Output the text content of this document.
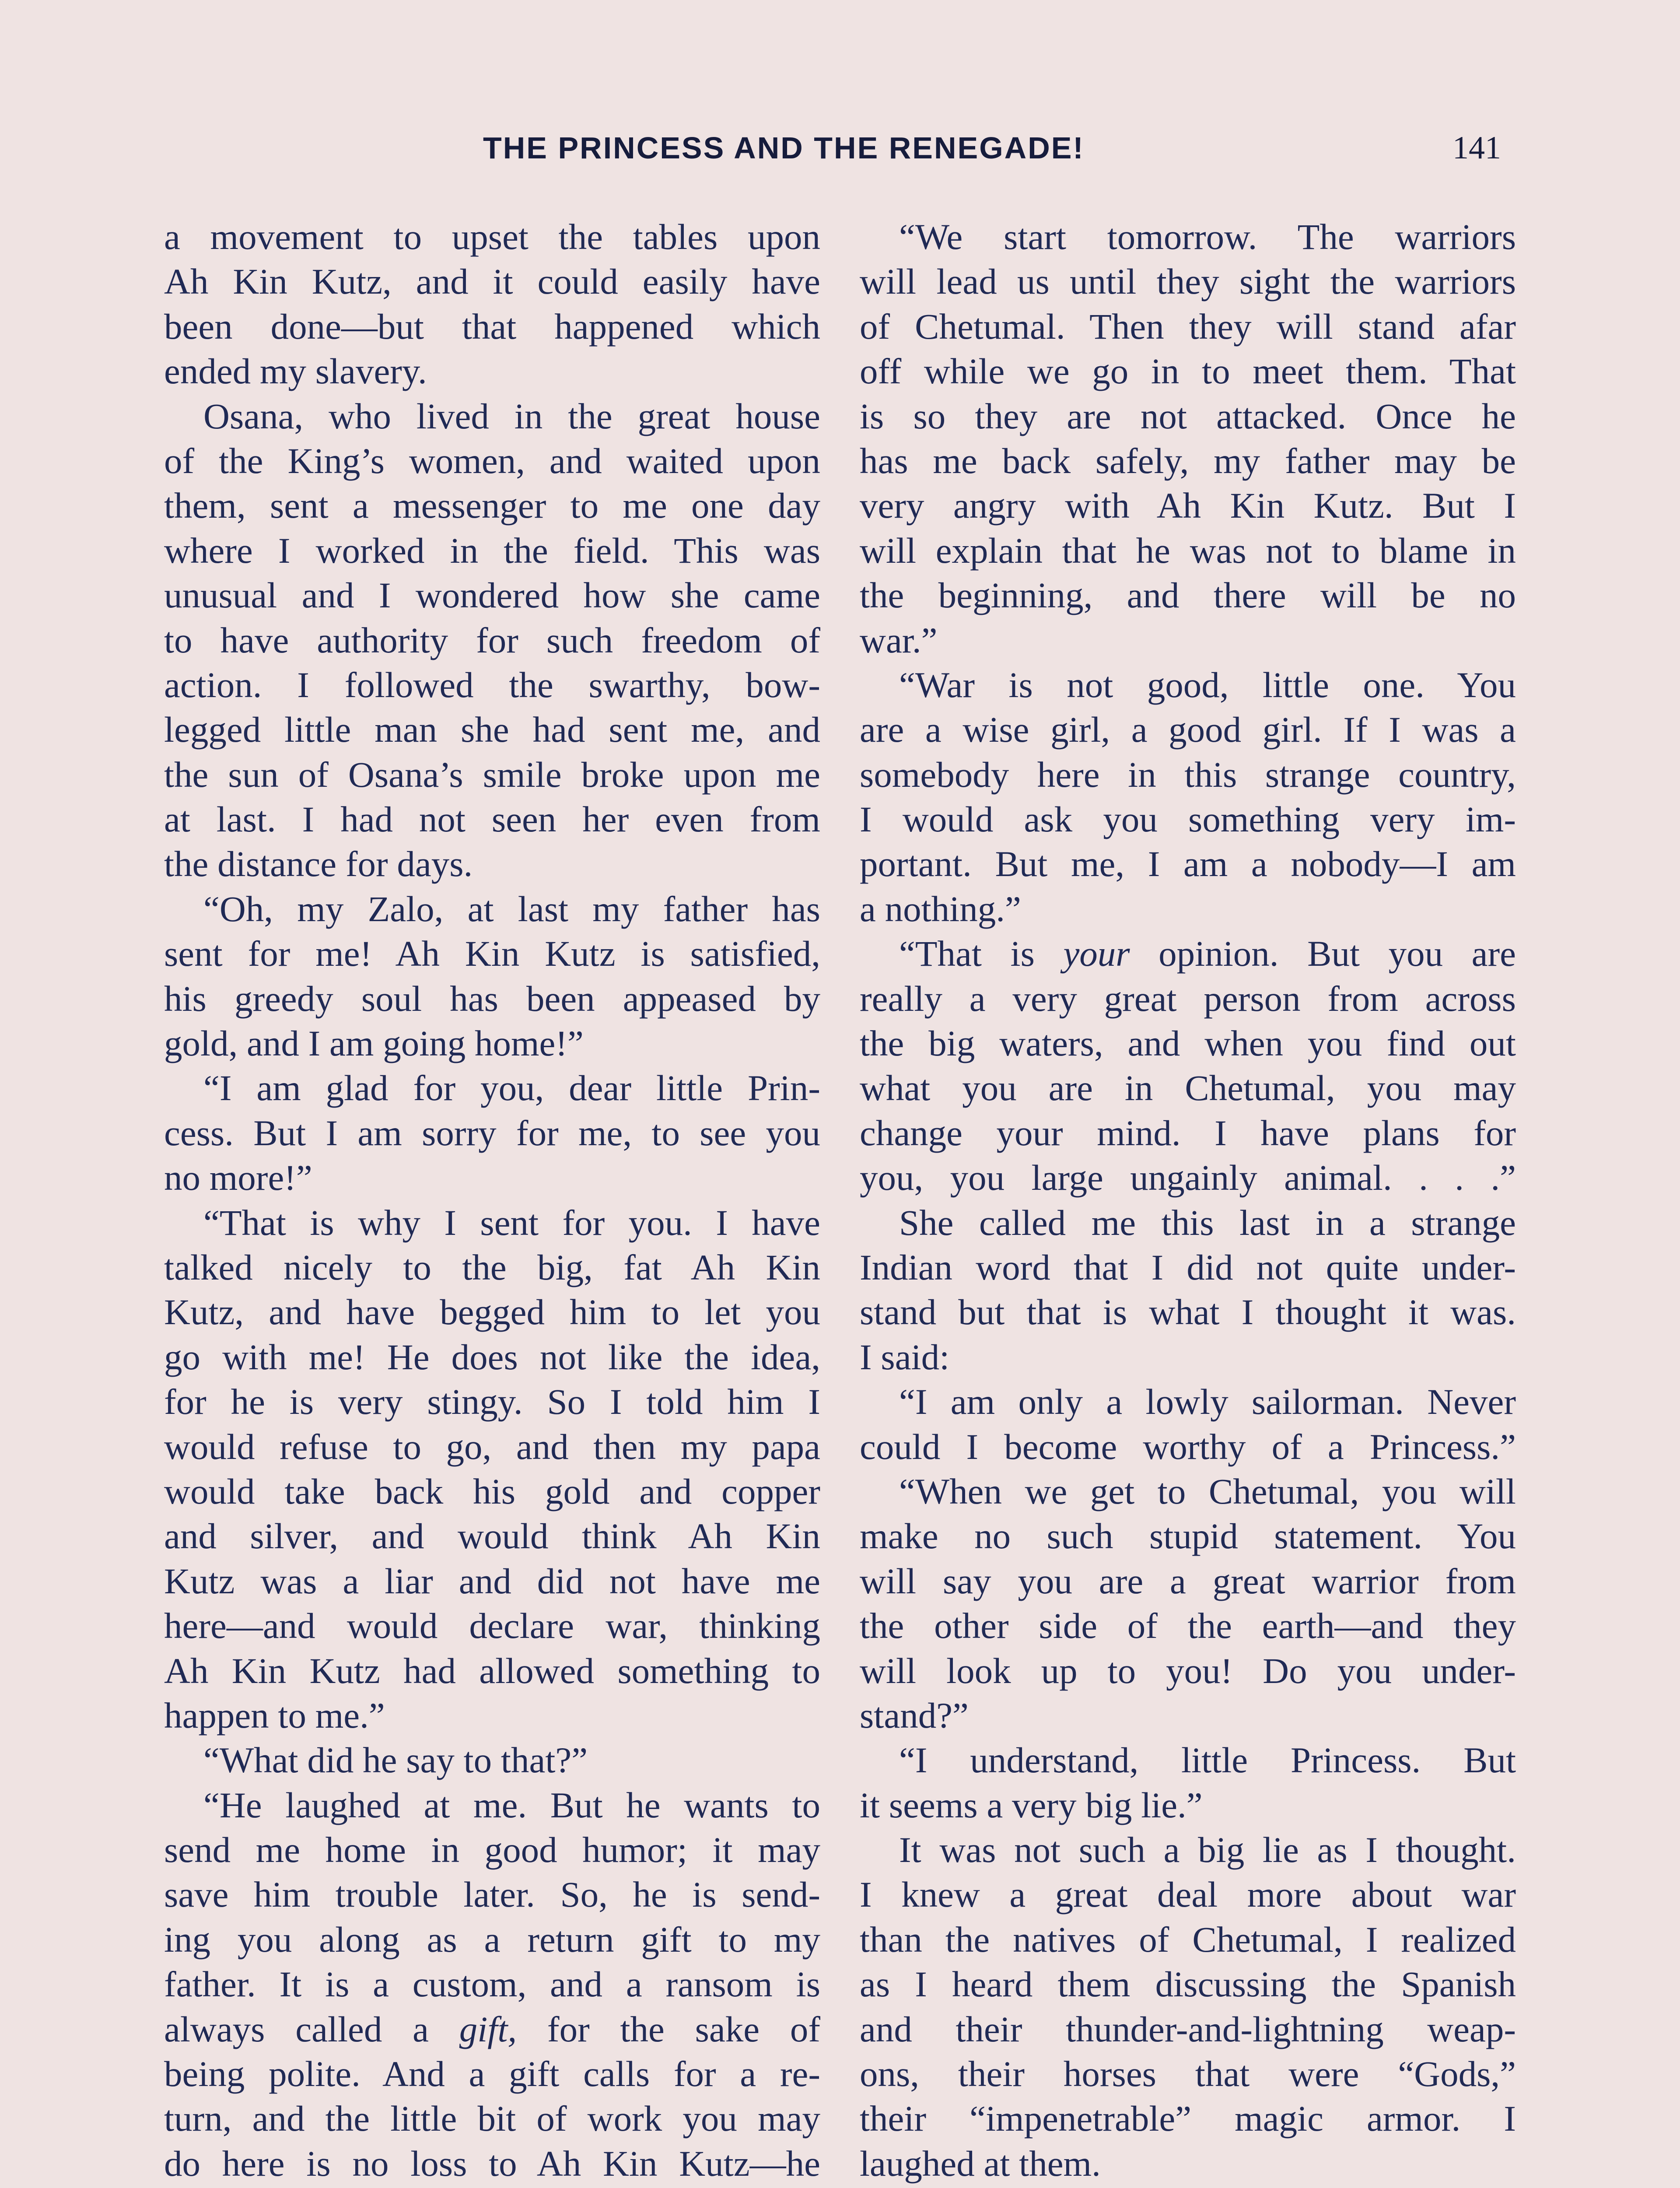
THE PRINCESS AND THE RENEGADE!	141
a movement to upset the tables upon
Ah Kin Kutz, and it could easily have
been done—but that happened which
ended my slavery.
Osana, who lived in the great house
of the King’s women, and waited upon
them, sent a messenger to me one day
where I worked in the field. This was
unusual and I wondered how she came
to have authority for such freedom of
action. I followed the swarthy, bow-
legged little man she had sent me, and
the sun of Osana’s smile broke upon me
at last. I had not seen her even from
the distance for days.
“Oh, my Zalo, at last my father has
sent for me! Ah Kin Kutz is satisfied,
his greedy soul has been appeased by
gold, and I am going home!”
“I am glad for you, dear little Prin-
cess. But I am sorry for me, to see you
no more!”
“That is why I sent for you. I have
talked nicely to the big, fat Ah Kin
Kutz, and have begged him to let you
go with me! He does not like the idea,
for he is very stingy. So I told him I
would refuse to go, and then my papa
would take back his gold and copper
and silver, and would think Ah Kin
Kutz was a liar and did not have me
here—and would declare war, thinking
Ah Kin Kutz had allowed something to
happen to me.”
“What did he say to that?”
“He laughed at me. But he wants to
send me home in good humor; it may
save him trouble later. So, he is send-
ing you along as a return gift to my
father. It is a custom, and a ransom is
always called a gift, for the sake of
being polite. And a gift calls for a re-
turn, and the little bit of work you may
do here is no loss to Ah Kin Kutz—he
“We start tomorrow. The warriors
will lead us until they sight the warriors
of Chetumal. Then they will stand afar
off while we go in to meet them. That
is so they are not attacked. Once he
has me back safely, my father may be
very angry with Ah Kin Kutz. But I
will explain that he was not to blame in
the beginning, and there will be no
war.”
“War is not good, little one. You
are a wise girl, a good girl. If I was a
somebody here in this strange country,
I would ask you something very im-
portant. But me, I am a nobody—I am
a nothing.”
“That is your opinion. But you are
really a very great person from across
the big waters, and when you find out
what you are in Chetumal, you may
change your mind. I have plans for
you, you large ungainly animal. . . .”
She called me this last in a strange
Indian word that I did not quite under-
stand but that is what I thought it was.
I said:
“I am only a lowly sailorman. Never
could I become worthy of a Princess.”
“When we get to Chetumal, you will
make no such stupid statement. You
will say you are a great warrior from
the other side of the earth—and they
will look up to you! Do you under-
stand?”
“I understand, little Princess. But
it seems a very big lie.”
It was not such a big lie as I thought.
I knew a great deal more about war
than the natives of Chetumal, I realized
as I heard them discussing the Spanish
and their thunder-and-lightning weap-
ons, their horses that were “Gods,”
their “impenetrable” magic armor. I
laughed at them.
